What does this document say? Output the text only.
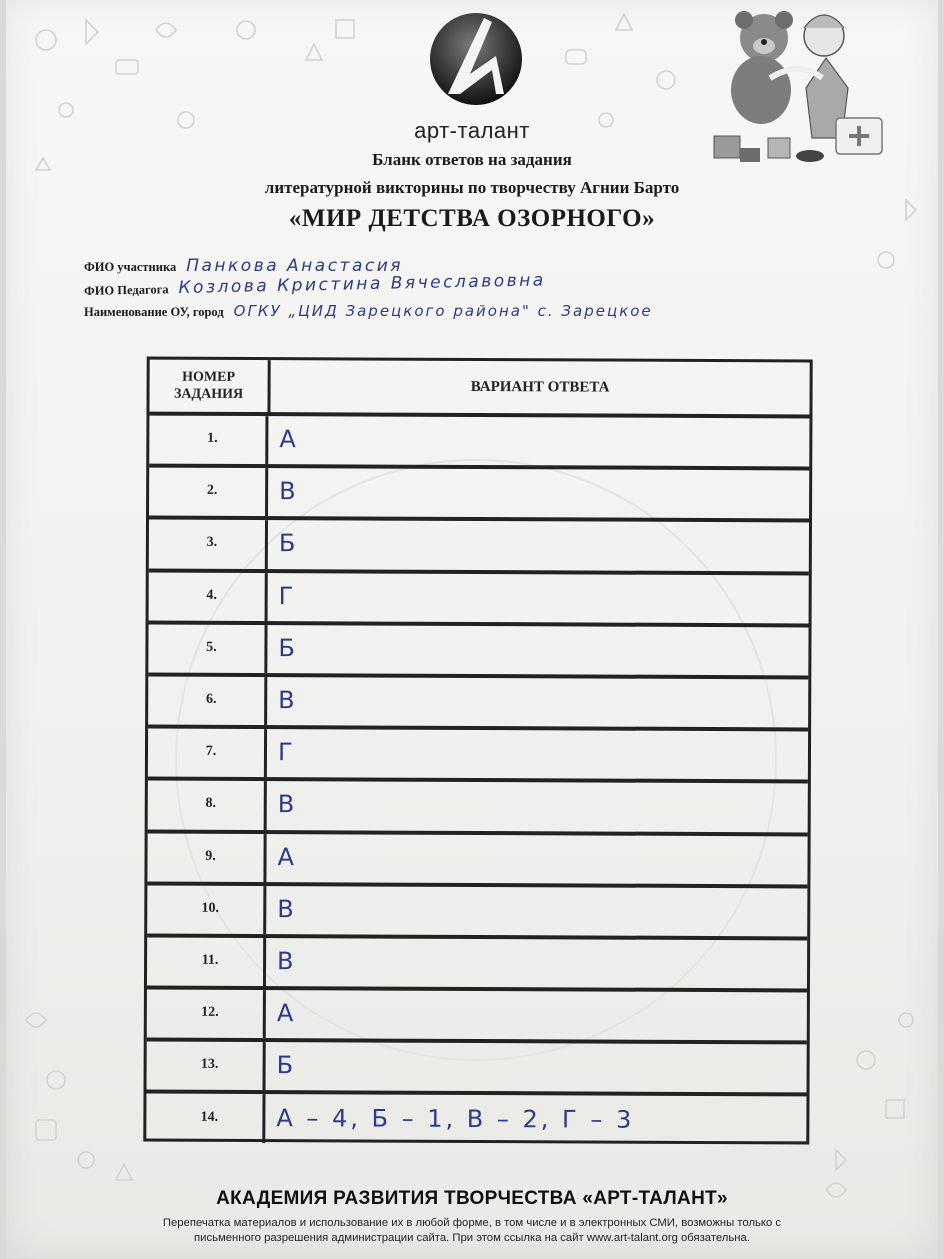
арт-талант
Бланк ответов на задания
литературной викторины по творчеству Агнии Барто
«МИР ДЕТСТВА ОЗОРНОГО»
ФИО участника Панкова Анастасия
ФИО Педагога Козлова Кристина Вячеславовна
Наименование ОУ, город ОГКУ „ЦИД Зарецкого района" с. Зарецкое
НОМЕР ЗАДАНИЯ	ВАРИАНТ ОТВЕТА
1.	А
2.	В
3.	Б
4.	Г
5.	Б
6.	В
7.	Г
8.	В
9.	А
10.	В
11.	В
12.	А
13.	Б
14.	А – 4, Б – 1, В – 2, Г – 3
АКАДЕМИЯ РАЗВИТИЯ ТВОРЧЕСТВА «АРТ-ТАЛАНТ»
Перепечатка материалов и использование их в любой форме, в том числе и в электронных СМИ, возможны только с
письменного разрешения администрации сайта. При этом ссылка на сайт www.art-talant.org обязательна.
